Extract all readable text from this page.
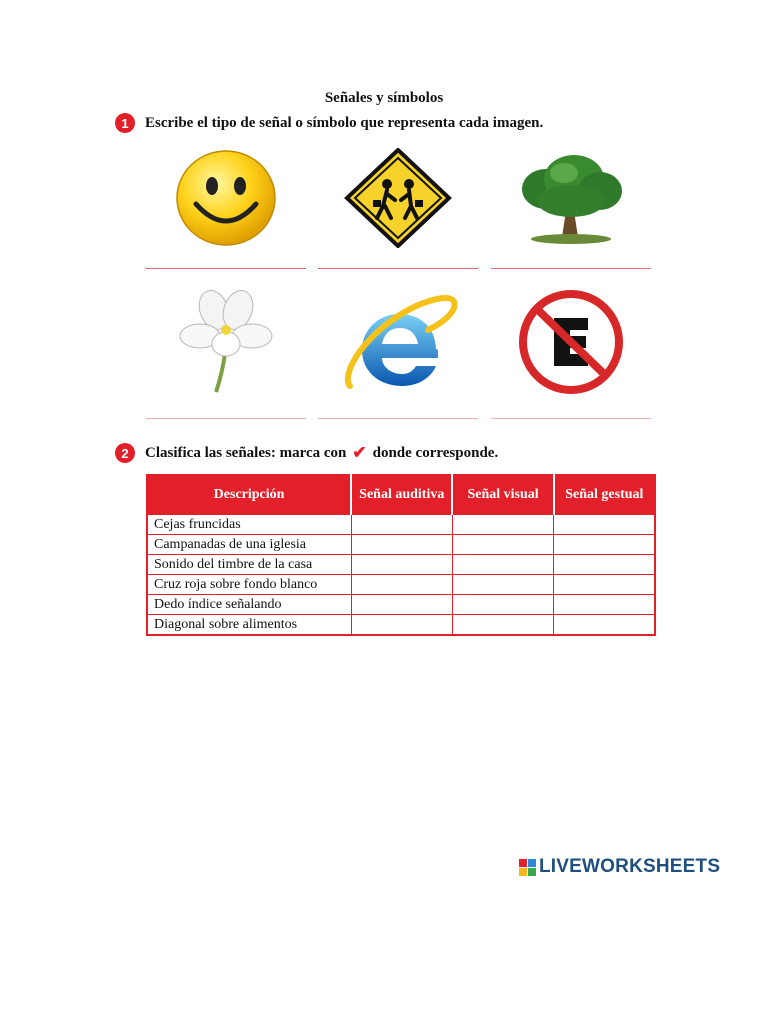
Señales y símbolos
1	Escribe el tipo de señal o símbolo que representa cada imagen.
2	Clasifica las señales: marca con ✔ donde corresponde.
Descripción	Señal auditiva	Señal visual	Señal gestual
Cejas fruncidas			
Campanadas de una iglesia			
Sonido del timbre de la casa			
Cruz roja sobre fondo blanco			
Dedo índice señalando			
Diagonal sobre alimentos			
LIVEWORKSHEETS
